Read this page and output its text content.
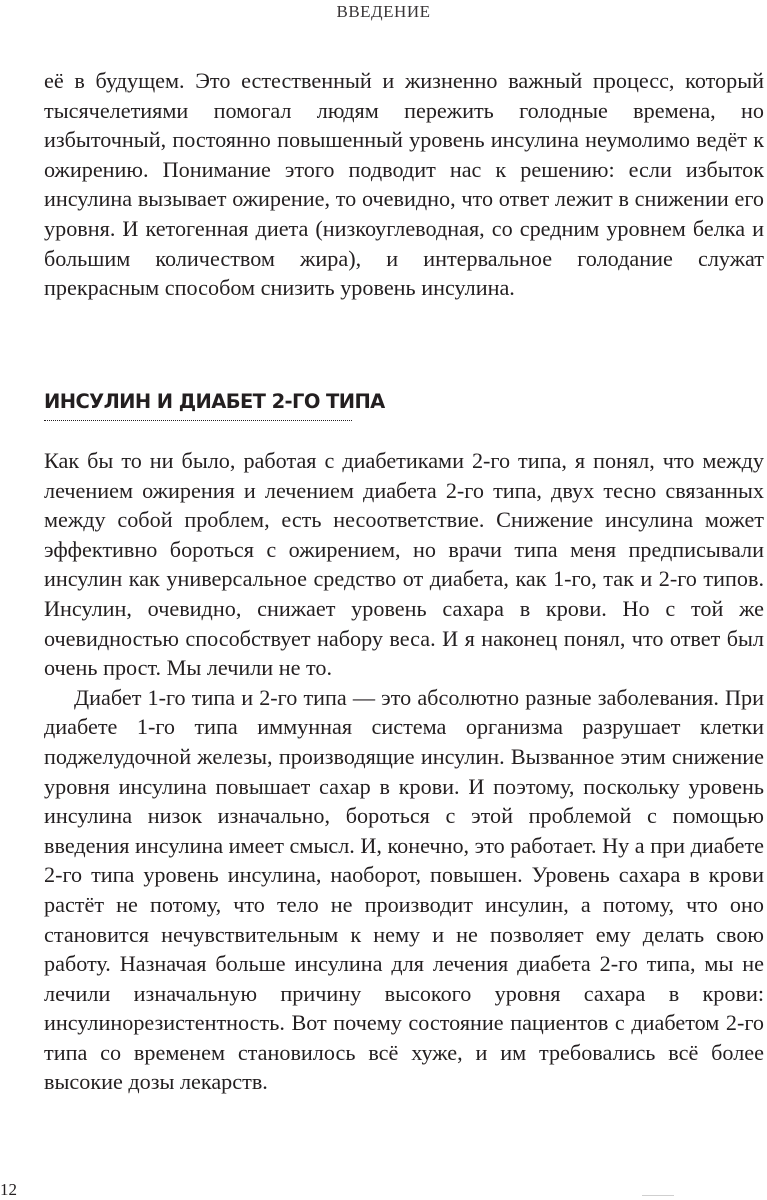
ВВЕДЕНИЕ

её в будущем. Это естественный и жизненно важный процесс, который тысячелетиями помогал людям пережить голодные времена, но избыточный, постоянно повышенный уровень инсулина неумолимо ведёт к ожирению. Понимание этого подводит нас к решению: если избыток инсулина вызывает ожирение, то очевидно, что ответ лежит в снижении его уровня. И кетогенная диета (низкоуглеводная, со средним уровнем белка и большим количеством жира), и интервальное голодание служат прекрасным способом снизить уровень инсулина.

ИНСУЛИН И ДИАБЕТ 2-ГО ТИПА

Как бы то ни было, работая с диабетиками 2-го типа, я понял, что между лечением ожирения и лечением диабета 2-го типа, двух тесно связанных между собой проблем, есть несоответствие. Снижение инсулина может эффективно бороться с ожирением, но врачи типа меня предписывали инсулин как универсальное средство от диабета, как 1-го, так и 2-го типов. Инсулин, очевидно, снижает уровень сахара в крови. Но с той же очевидностью способствует набору веса. И я наконец понял, что ответ был очень прост. Мы лечили не то.

Диабет 1-го типа и 2-го типа — это абсолютно разные заболевания. При диабете 1-го типа иммунная система организма разрушает клетки поджелудочной железы, производящие инсулин. Вызванное этим снижение уровня инсулина повышает сахар в крови. И поэтому, поскольку уровень инсулина низок изначально, бороться с этой проблемой с помощью введения инсулина имеет смысл. И, конечно, это работает. Ну а при диабете 2-го типа уровень инсулина, наоборот, повышен. Уровень сахара в крови растёт не потому, что тело не производит инсулин, а потому, что оно становится нечувствительным к нему и не позволяет ему делать свою работу. Назначая больше инсулина для лечения диабета 2-го типа, мы не лечили изначальную причину высокого уровня сахара в крови: инсулинорезистентность. Вот почему состояние пациентов с диабетом 2-го типа со временем становилось всё хуже, и им требовались всё более высокие дозы лекарств.

12
